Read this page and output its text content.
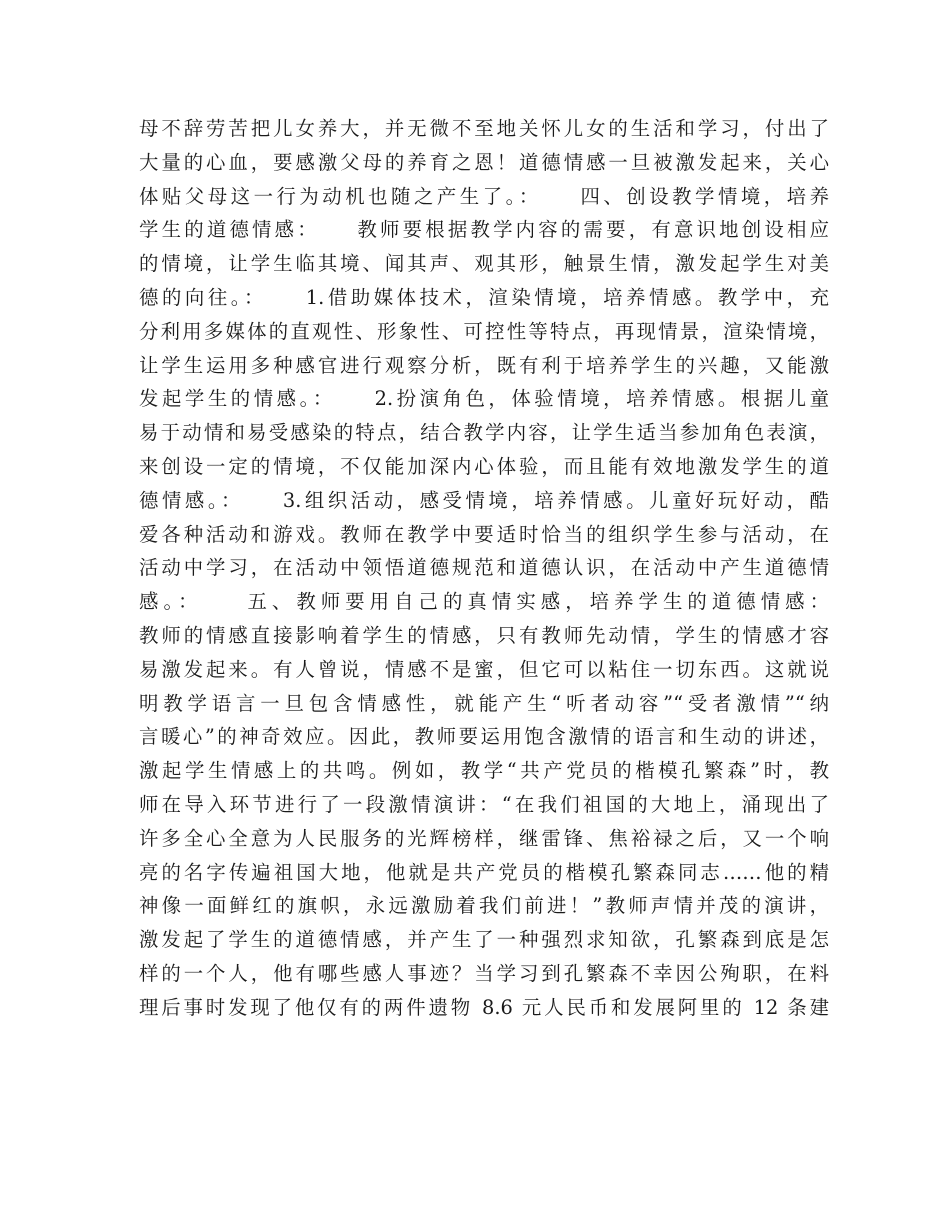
母不辞劳苦把儿女养大，并无微不至地关怀儿女的生活和学习，付出了
大量的心血，要感激父母的养育之恩！道德情感一旦被激发起来，关心
体贴父母这一行为动机也随之产生了。：    四、创设教学情境，培养
学生的道德情感：    教师要根据教学内容的需要，有意识地创设相应
的情境，让学生临其境、闻其声、观其形，触景生情，激发起学生对美
德的向往。：    1.借助媒体技术，渲染情境，培养情感。教学中，充
分利用多媒体的直观性、形象性、可控性等特点，再现情景，渲染情境，
让学生运用多种感官进行观察分析，既有利于培养学生的兴趣，又能激
发起学生的情感。：    2.扮演角色，体验情境，培养情感。根据儿童
易于动情和易受感染的特点，结合教学内容，让学生适当参加角色表演，
来创设一定的情境，不仅能加深内心体验，而且能有效地激发学生的道
德情感。：    3.组织活动，感受情境，培养情感。儿童好玩好动，酷
爱各种活动和游戏。教师在教学中要适时恰当的组织学生参与活动，在
活动中学习，在活动中领悟道德规范和道德认识，在活动中产生道德情
感。：    五、教师要用自己的真情实感，培养学生的道德情感：
教师的情感直接影响着学生的情感，只有教师先动情，学生的情感才容
易激发起来。有人曾说，情感不是蜜，但它可以粘住一切东西。这就说
明教学语言一旦包含情感性，就能产生“听者动容”“受者激情”“纳
言暖心”的神奇效应。因此，教师要运用饱含激情的语言和生动的讲述，
激起学生情感上的共鸣。例如，教学“共产党员的楷模孔繁森”时，教
师在导入环节进行了一段激情演讲：“在我们祖国的大地上，涌现出了
许多全心全意为人民服务的光辉榜样，继雷锋、焦裕禄之后，又一个响
亮的名字传遍祖国大地，他就是共产党员的楷模孔繁森同志……他的精
神像一面鲜红的旗帜，永远激励着我们前进！”教师声情并茂的演讲，
激发起了学生的道德情感，并产生了一种强烈求知欲，孔繁森到底是怎
样的一个人，他有哪些感人事迹？当学习到孔繁森不幸因公殉职，在料
理后事时发现了他仅有的两件遗物 8.6 元人民币和发展阿里的 12 条建
